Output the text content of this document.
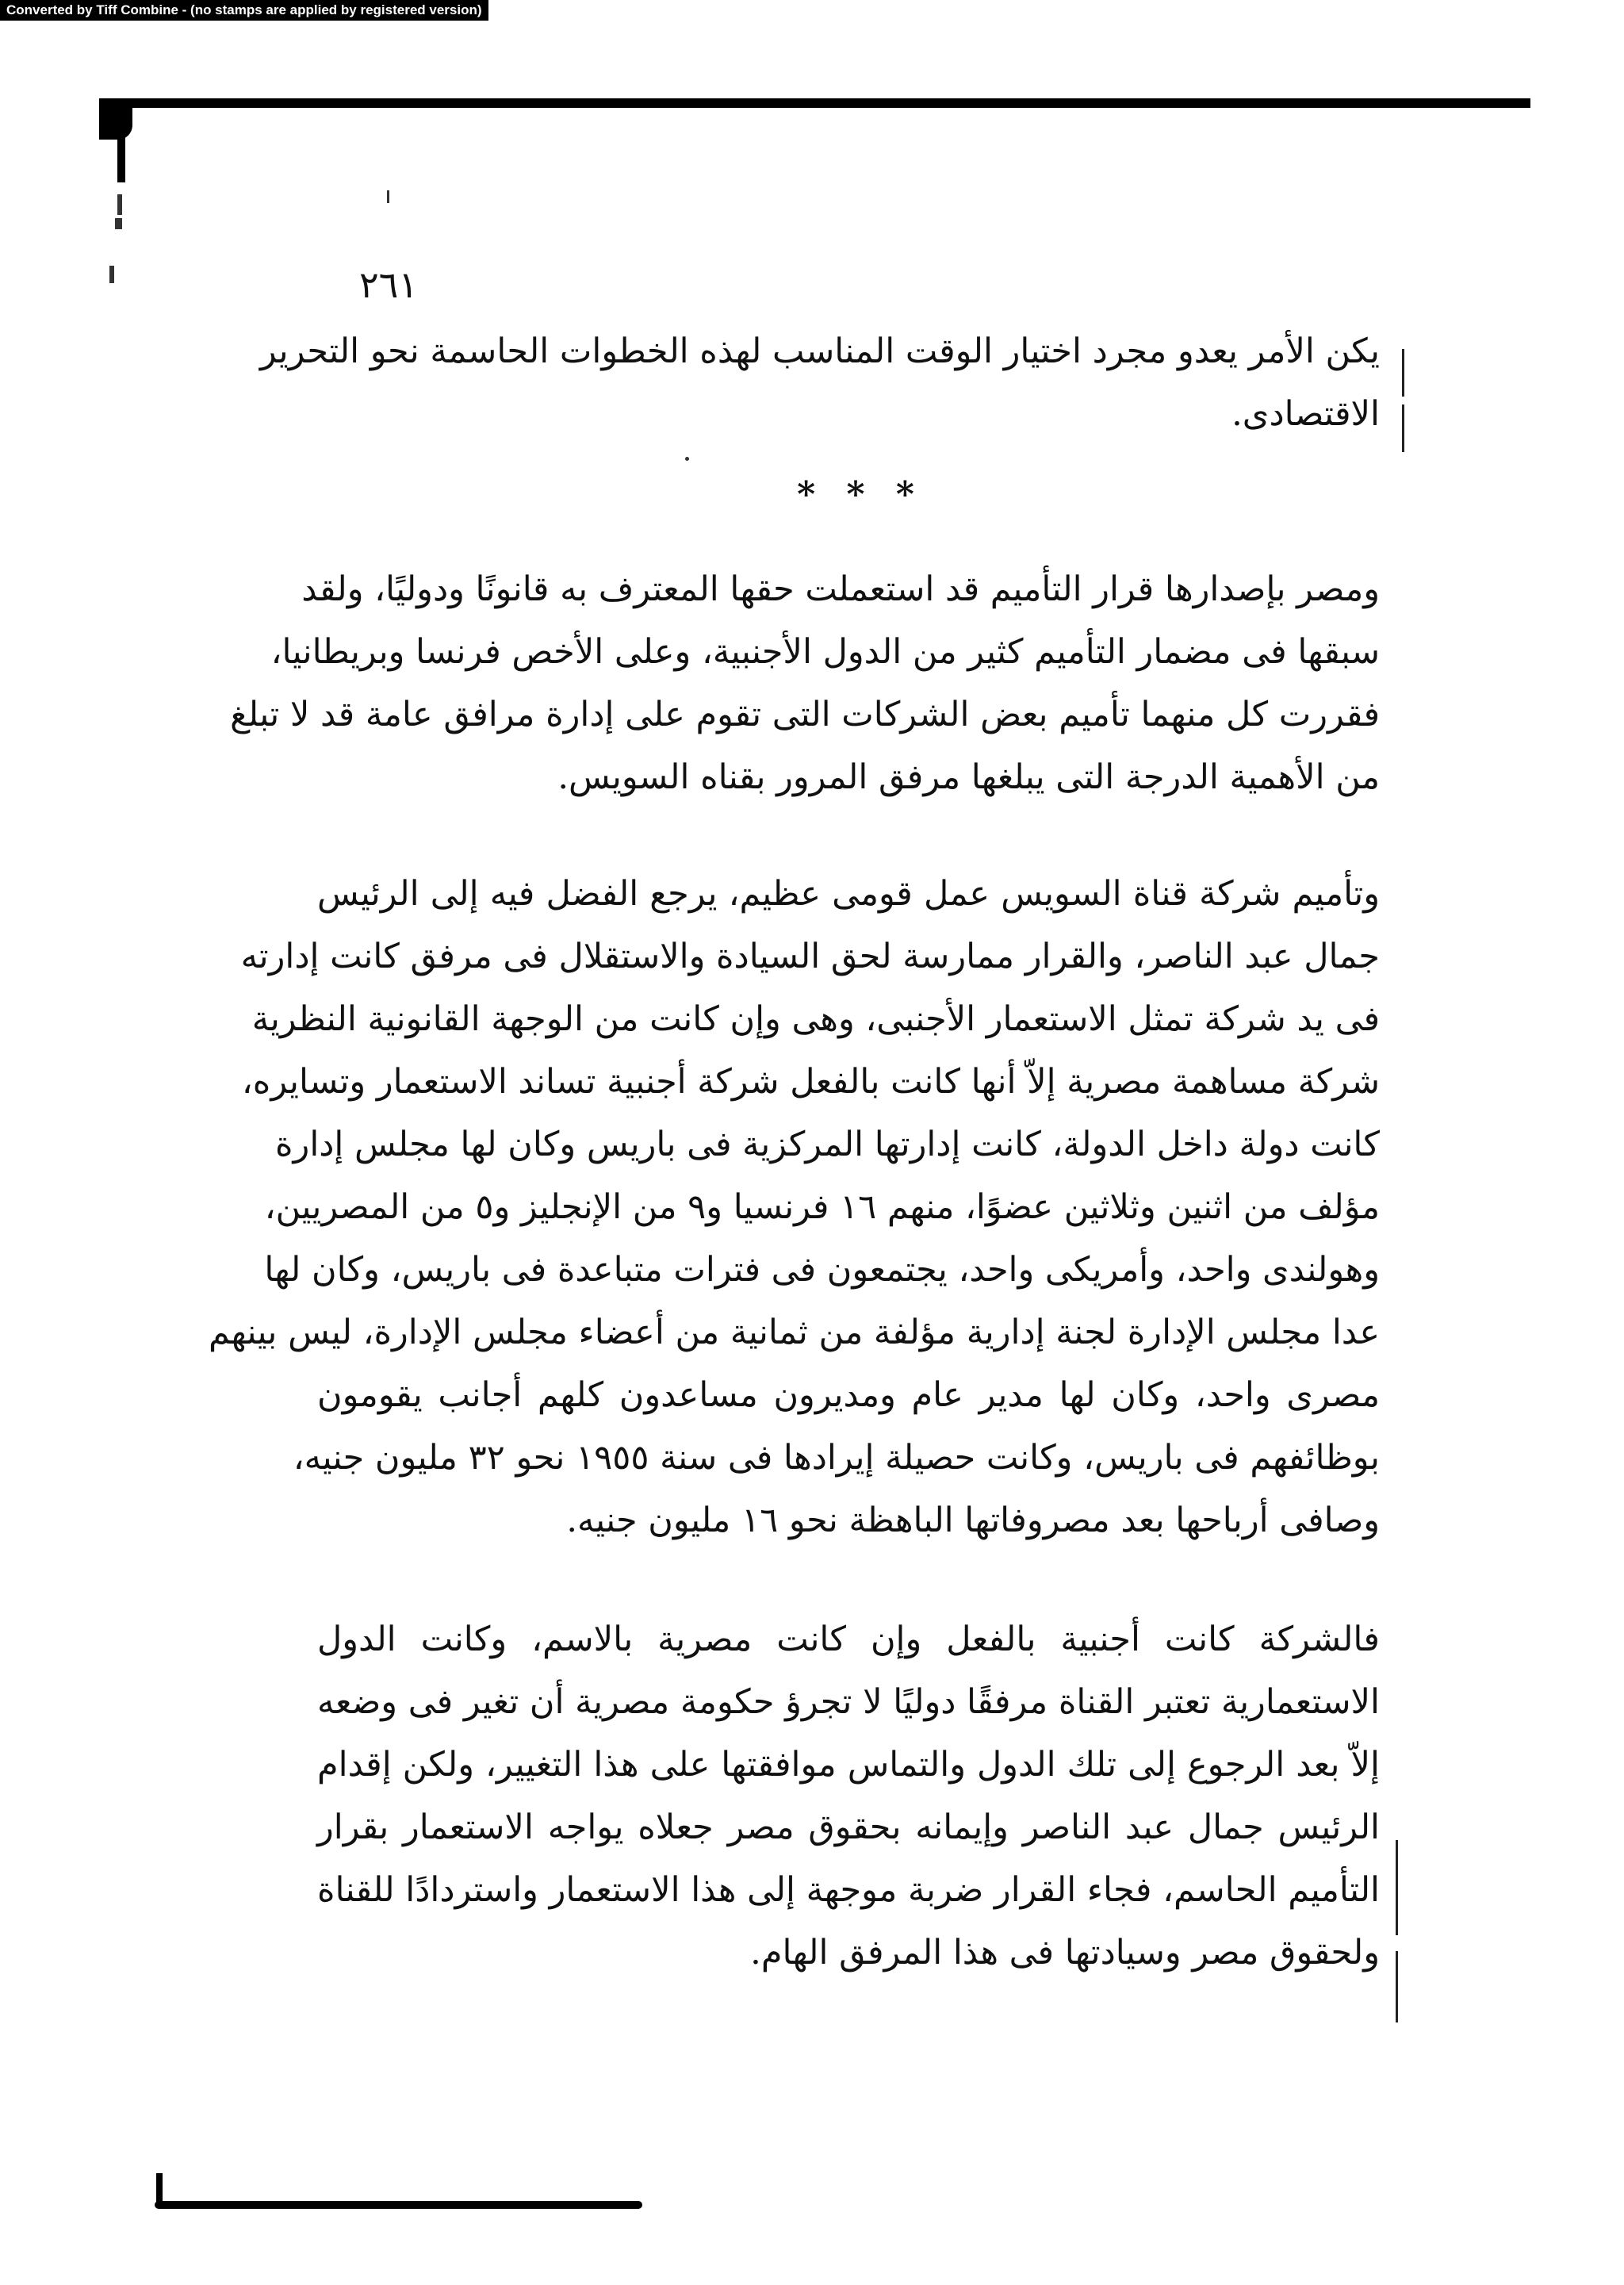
Converted by Tiff Combine - (no stamps are applied by registered version)
٢٦١
يكن الأمر يعدو مجرد اختيار الوقت المناسب لهذه الخطوات الحاسمة نحو التحرير
الاقتصادى.
* * *
ومصر بإصدارها قرار التأميم قد استعملت حقها المعترف به قانونًا ودوليًا، ولقد
سبقها فى مضمار التأميم كثير من الدول الأجنبية، وعلى الأخص فرنسا وبريطانيا،
فقررت كل منهما تأميم بعض الشركات التى تقوم على إدارة مرافق عامة قد لا تبلغ
من الأهمية الدرجة التى يبلغها مرفق المرور بقناه السويس.
وتأميم شركة قناة السويس عمل قومى عظيم، يرجع الفضل فيه إلى الرئيس
جمال عبد الناصر، والقرار ممارسة لحق السيادة والاستقلال فى مرفق كانت إدارته
فى يد شركة تمثل الاستعمار الأجنبى، وهى وإن كانت من الوجهة القانونية النظرية
شركة مساهمة مصرية إلاّ أنها كانت بالفعل شركة أجنبية تساند الاستعمار وتسايره،
كانت دولة داخل الدولة، كانت إدارتها المركزية فى باريس وكان لها مجلس إدارة
مؤلف من اثنين وثلاثين عضوًا، منهم ١٦ فرنسيا و٩ من الإنجليز و٥ من المصريين،
وهولندى واحد، وأمريكى واحد، يجتمعون فى فترات متباعدة فى باريس، وكان لها
عدا مجلس الإدارة لجنة إدارية مؤلفة من ثمانية من أعضاء مجلس الإدارة، ليس بينهم
مصرى واحد، وكان لها مدير عام ومديرون مساعدون كلهم أجانب يقومون
بوظائفهم فى باريس، وكانت حصيلة إيرادها فى سنة ١٩٥٥ نحو ٣٢ مليون جنيه،
وصافى أرباحها بعد مصروفاتها الباهظة نحو ١٦ مليون جنيه.
فالشركة كانت أجنبية بالفعل وإن كانت مصرية بالاسم، وكانت الدول
الاستعمارية تعتبر القناة مرفقًا دوليًا لا تجرؤ حكومة مصرية أن تغير فى وضعه
إلاّ بعد الرجوع إلى تلك الدول والتماس موافقتها على هذا التغيير، ولكن إقدام
الرئيس جمال عبد الناصر وإيمانه بحقوق مصر جعلاه يواجه الاستعمار بقرار
التأميم الحاسم، فجاء القرار ضربة موجهة إلى هذا الاستعمار واستردادًا للقناة
ولحقوق مصر وسيادتها فى هذا المرفق الهام.
